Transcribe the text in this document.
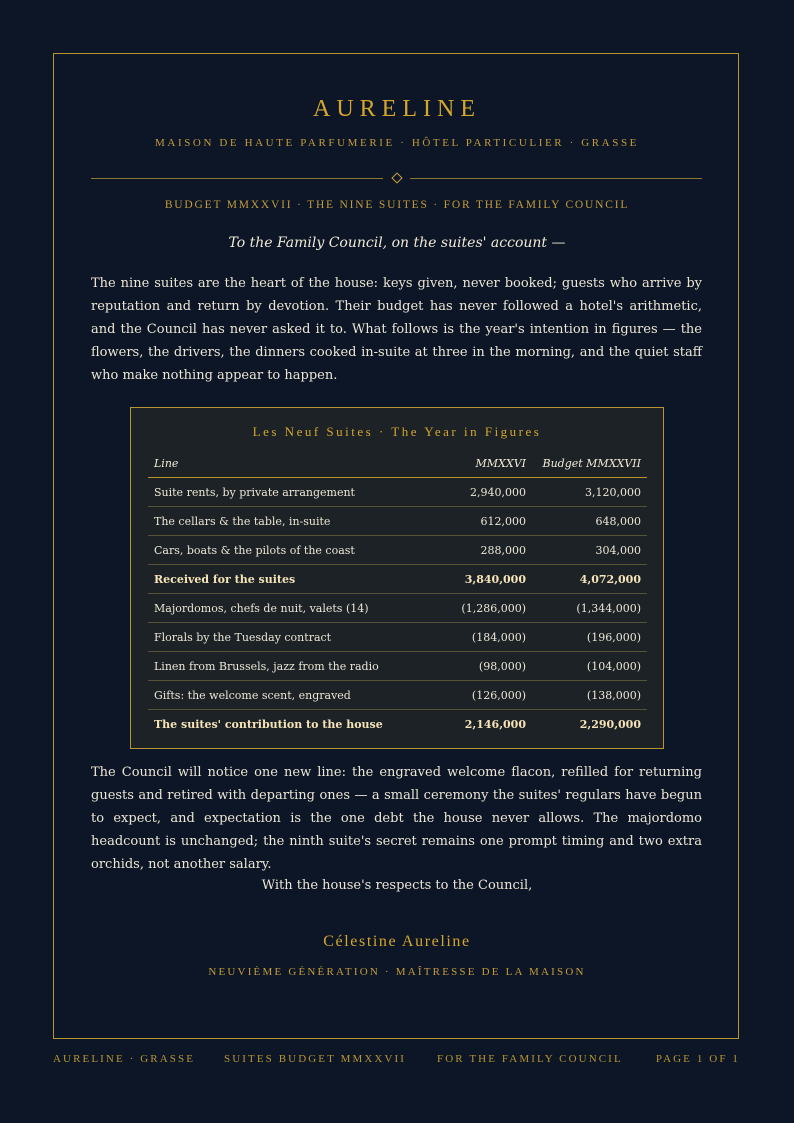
AURELINE
MAISON DE HAUTE PARFUMERIE · HÔTEL PARTICULIER · GRASSE
BUDGET MMXXVII · THE NINE SUITES · FOR THE FAMILY COUNCIL
To the Family Council, on the suites' account —
The nine suites are the heart of the house: keys given, never booked; guests who arrive by reputation and return by devotion. Their budget has never followed a hotel's arithmetic, and the Council has never asked it to. What follows is the year's intention in figures — the flowers, the drivers, the dinners cooked in-suite at three in the morning, and the quiet staff who make nothing appear to happen.
Les Neuf Suites · The Year in Figures
Line	MMXXVI	Budget MMXXVII
Suite rents, by private arrangement	2,940,000	3,120,000
The cellars & the table, in-suite	612,000	648,000
Cars, boats & the pilots of the coast	288,000	304,000
Received for the suites	3,840,000	4,072,000
Majordomos, chefs de nuit, valets (14)	(1,286,000)	(1,344,000)
Florals by the Tuesday contract	(184,000)	(196,000)
Linen from Brussels, jazz from the radio	(98,000)	(104,000)
Gifts: the welcome scent, engraved	(126,000)	(138,000)
The suites' contribution to the house	2,146,000	2,290,000
The Council will notice one new line: the engraved welcome flacon, refilled for returning guests and retired with departing ones — a small ceremony the suites' regulars have begun to expect, and expectation is the one debt the house never allows. The majordomo headcount is unchanged; the ninth suite's secret remains one prompt timing and two extra orchids, not another salary.
With the house's respects to the Council,
Célestine Aureline
NEUVIÈME GÉNÉRATION · MAÎTRESSE DE LA MAISON
AURELINE · GRASSE	SUITES BUDGET MMXXVII	FOR THE FAMILY COUNCIL	PAGE 1 OF 1
